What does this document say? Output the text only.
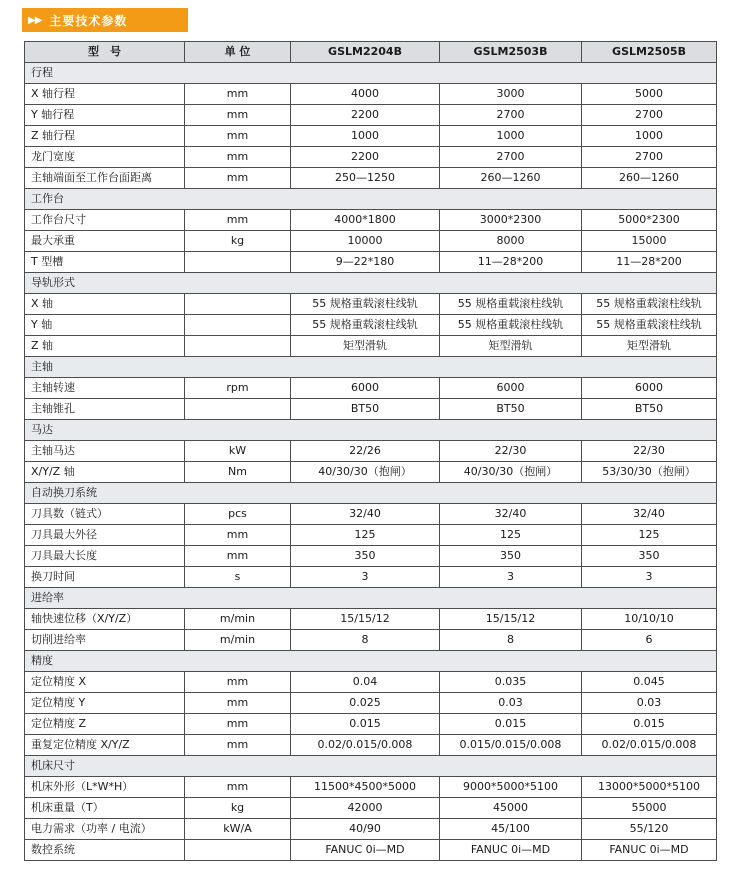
▶▶ 主要技术参数
型　号	单 位	GSLM2204B	GSLM2503B	GSLM2505B
行程				
X 轴行程	mm	4000	3000	5000
Y 轴行程	mm	2200	2700	2700
Z 轴行程	mm	1000	1000	1000
龙门宽度	mm	2200	2700	2700
主轴端面至工作台面距离	mm	250—1250	260—1260	260—1260
工作台				
工作台尺寸	mm	4000*1800	3000*2300	5000*2300
最大承重	kg	10000	8000	15000
T 型槽		9—22*180	11—28*200	11—28*200
导轨形式				
X 轴		55 规格重载滚柱线轨	55 规格重载滚柱线轨	55 规格重载滚柱线轨
Y 轴		55 规格重载滚柱线轨	55 规格重载滚柱线轨	55 规格重载滚柱线轨
Z 轴		矩型滑轨	矩型滑轨	矩型滑轨
主轴				
主轴转速	rpm	6000	6000	6000
主轴锥孔		BT50	BT50	BT50
马达				
主轴马达	kW	22/26	22/30	22/30
X/Y/Z 轴	Nm	40/30/30（抱闸）	40/30/30（抱闸）	53/30/30（抱闸）
自动换刀系统				
刀具数（链式）	pcs	32/40	32/40	32/40
刀具最大外径	mm	125	125	125
刀具最大长度	mm	350	350	350
换刀时间	s	3	3	3
进给率				
轴快速位移（X/Y/Z）	m/min	15/15/12	15/15/12	10/10/10
切削进给率	m/min	8	8	6
精度				
定位精度 X	mm	0.04	0.035	0.045
定位精度 Y	mm	0.025	0.03	0.03
定位精度 Z	mm	0.015	0.015	0.015
重复定位精度 X/Y/Z	mm	0.02/0.015/0.008	0.015/0.015/0.008	0.02/0.015/0.008
机床尺寸				
机床外形（L*W*H）	mm	11500*4500*5000	9000*5000*5100	13000*5000*5100
机床重量（T）	kg	42000	45000	55000
电力需求（功率 / 电流）	kW/A	40/90	45/100	55/120
数控系统		FANUC 0i—MD	FANUC 0i—MD	FANUC 0i—MD
